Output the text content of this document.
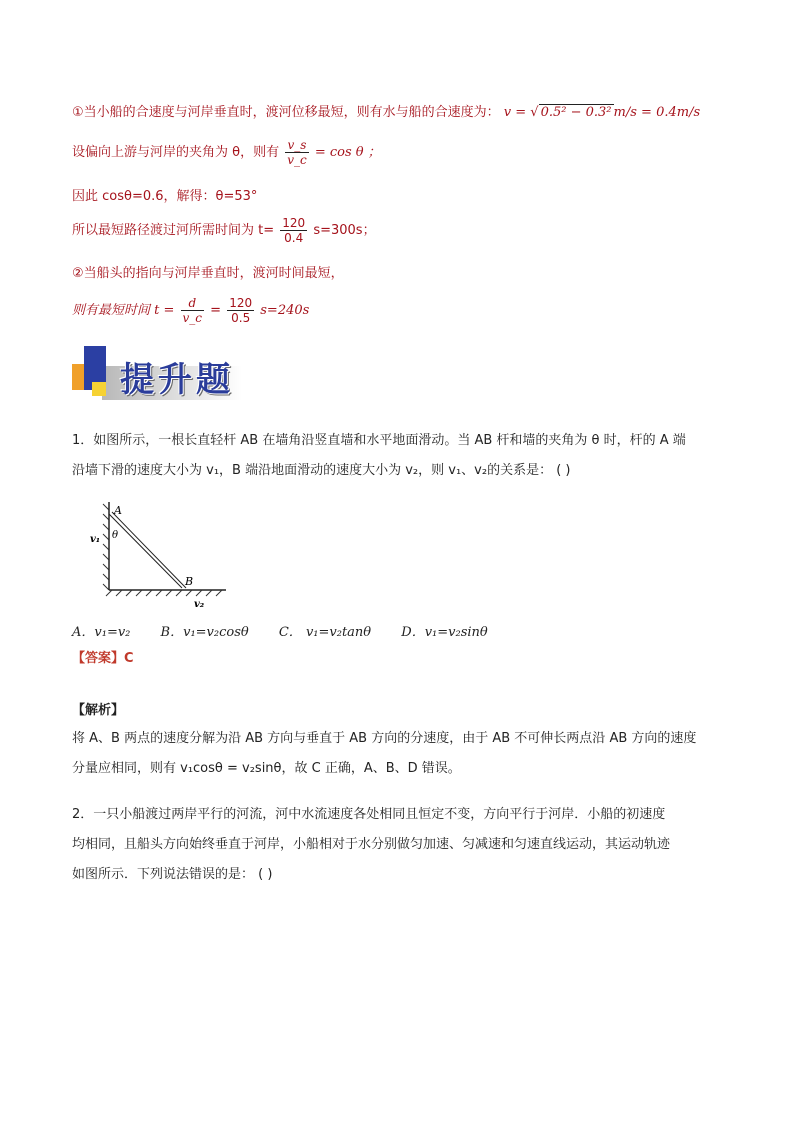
①当小船的合速度与河岸垂直时，渡河位移最短，则有水与船的合速度为： v = √ 0.5² − 0.3² m/s = 0.4m/s
设偏向上游与河岸的夹角为 θ，则有 $\frac{v\_s}{v\_c} = \cos \theta$ ；
因此 cosθ=0.6，解得：θ=53°
所以最短路径渡过河所需时间为 $t= \frac{120}{0.4} s=300s$；
②当船头的指向与河岸垂直时，渡河时间最短，
则有最短时间 $t = \frac{d}{v\_c} = \frac{120}{0.5} s=240s$
提升题
1．如图所示，一根长直轻杆 AB 在墙角沿竖直墙和水平地面滑动。当 AB 杆和墙的夹角为 θ 时，杆的 A 端
沿墙下滑的速度大小为 v₁，B 端沿地面滑动的速度大小为 v₂，则 v₁、v₂的关系是： ( )
A
B
θ
v₁
v₂
A．v₁=v₂ B．v₁=v₂cosθ C． v₁=v₂tanθ D．v₁=v₂sinθ
【答案】C
【解析】
将 A、B 两点的速度分解为沿 AB 方向与垂直于 AB 方向的分速度，由于 AB 不可伸长两点沿 AB 方向的速度
分量应相同，则有 v₁cosθ = v₂sinθ，故 C 正确，A、B、D 错误。
2．一只小船渡过两岸平行的河流，河中水流速度各处相同且恒定不变，方向平行于河岸．小船的初速度
均相同，且船头方向始终垂直于河岸，小船相对于水分别做匀加速、匀减速和匀速直线运动，其运动轨迹
如图所示．下列说法错误的是： ( )
